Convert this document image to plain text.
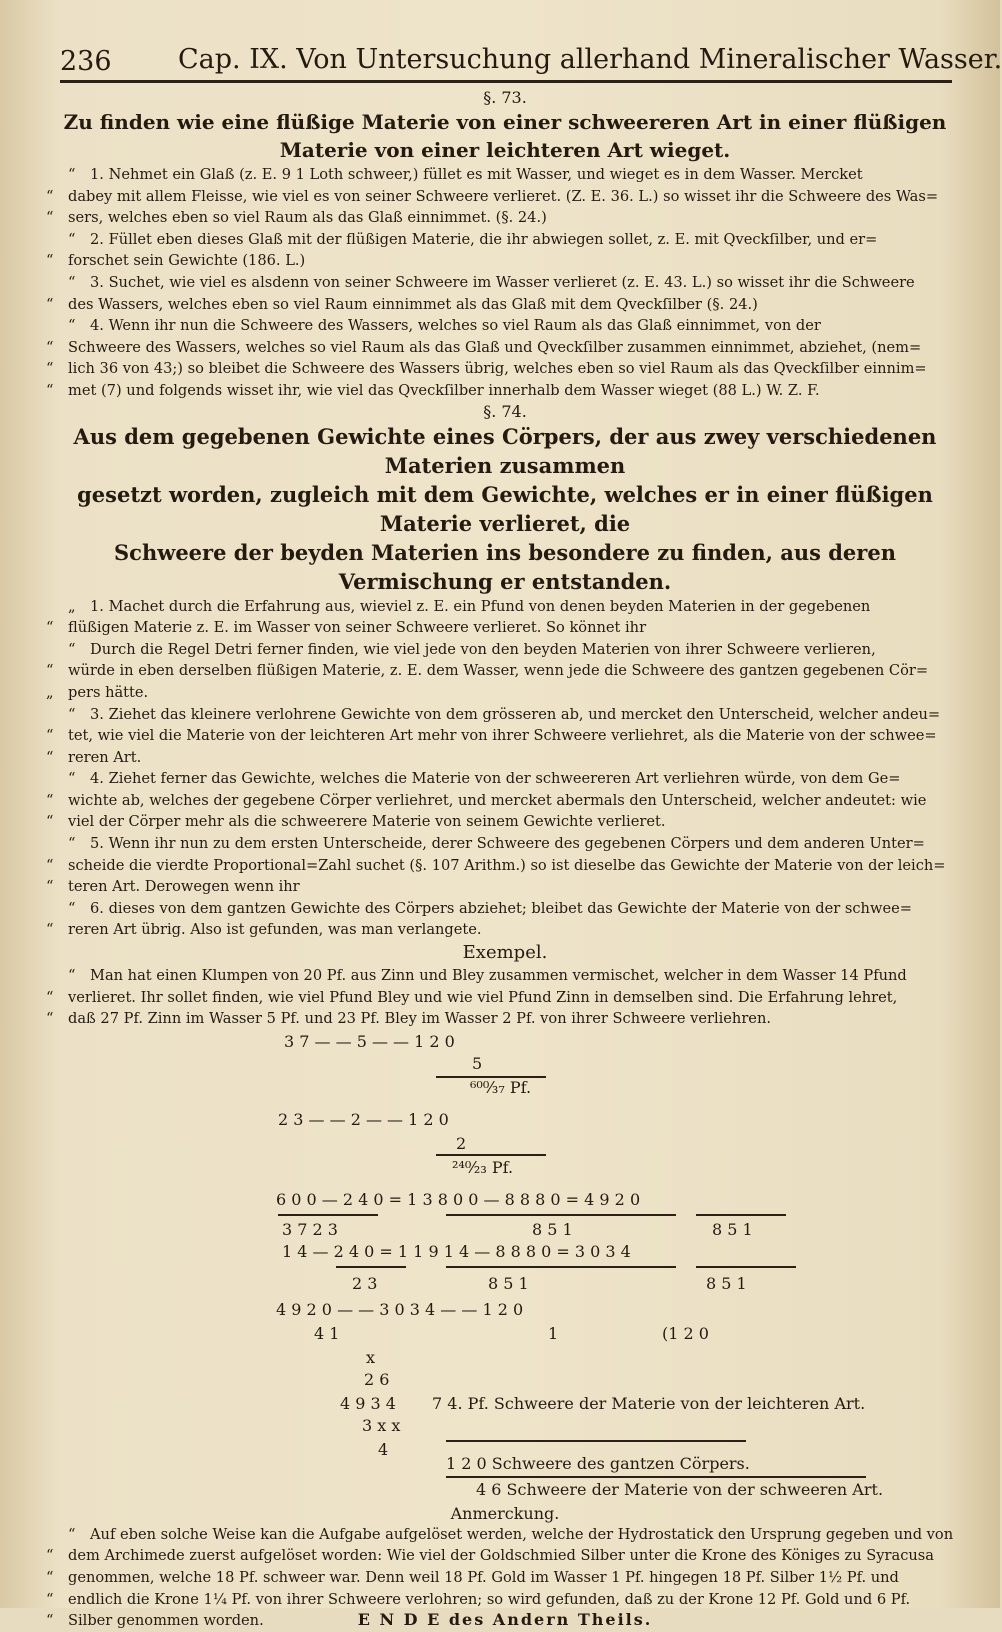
236 Cap. IX. Von Untersuchung allerhand Mineralischer Wasser.

§. 73.

Zu finden wie eine flüßige Materie von einer schweereren Art in einer flüßigen

Materie von einer leichteren Art wieget.

“ 1. Nehmet ein Glaß (z. E. 9 1 Loth schweer,) füllet es mit Wasser, und wieget es in dem Wasser. Mercket
“ dabey mit allem Fleisse, wie viel es von seiner Schweere verlieret. (Z. E. 36. L.) so wisset ihr die Schweere des Was=
“ sers, welches eben so viel Raum als das Glaß einnimmet. (§. 24.)
“ 2. Füllet eben dieses Glaß mit der flüßigen Materie, die ihr abwiegen sollet, z. E. mit Qveckſilber, und er=
“ forschet sein Gewichte (186. L.)
“ 3. Suchet, wie viel es alsdenn von seiner Schweere im Wasser verlieret (z. E. 43. L.) so wisset ihr die Schweere
“ des Wassers, welches eben so viel Raum einnimmet als das Glaß mit dem Qveckſilber (§. 24.)
“ 4. Wenn ihr nun die Schweere des Wassers, welches so viel Raum als das Glaß einnimmet, von der
“ Schweere des Wassers, welches so viel Raum als das Glaß und Qveckſilber zusammen einnimmet, abziehet, (nem=
“ lich 36 von 43;) so bleibet die Schweere des Wassers übrig, welches eben so viel Raum als das Qveckſilber einnim=
“ met (7) und folgends wisset ihr, wie viel das Qveckſilber innerhalb dem Wasser wieget (88 L.) W. Z. F.

§. 74.

Aus dem gegebenen Gewichte eines Cörpers, der aus zwey verschiedenen Materien zusammen

gesetzt worden, zugleich mit dem Gewichte, welches er in einer flüßigen Materie verlieret, die

Schweere der beyden Materien ins besondere zu finden, aus deren Vermischung er entstanden.

„ 1. Machet durch die Erfahrung aus, wieviel z. E. ein Pfund von denen beyden Materien in der gegebenen
“ flüßigen Materie z. E. im Wasser von seiner Schweere verlieret. So könnet ihr
“ Durch die Regel Detri ferner finden, wie viel jede von den beyden Materien von ihrer Schweere verlieren,
“ würde in eben derselben flüßigen Materie, z. E. dem Wasser, wenn jede die Schweere des gantzen gegebenen Cör=
„ pers hätte.
“ 3. Ziehet das kleinere verlohrene Gewichte von dem grösseren ab, und mercket den Unterscheid, welcher andeu=
“ tet, wie viel die Materie von der leichteren Art mehr von ihrer Schweere verliehret, als die Materie von der schwee=
“ reren Art.
“ 4. Ziehet ferner das Gewichte, welches die Materie von der schweereren Art verliehren würde, von dem Ge=
“ wichte ab, welches der gegebene Cörper verliehret, und mercket abermals den Unterscheid, welcher andeutet: wie
“ viel der Cörper mehr als die schweerere Materie von seinem Gewichte verlieret.
“ 5. Wenn ihr nun zu dem ersten Unterscheide, derer Schweere des gegebenen Cörpers und dem anderen Unter=
“ scheide die vierdte Proportional=Zahl suchet (§. 107 Arithm.) so ist dieselbe das Gewichte der Materie von der leich=
“ teren Art. Derowegen wenn ihr
“ 6. dieses von dem gantzen Gewichte des Cörpers abziehet; bleibet das Gewichte der Materie von der schwee=
“ reren Art übrig. Also ist gefunden, was man verlangete.

Exempel.

“ Man hat einen Klumpen von 20 Pf. aus Zinn und Bley zusammen vermischet, welcher in dem Wasser 14 Pfund
“ verlieret. Ihr sollet finden, wie viel Pfund Bley und wie viel Pfund Zinn in demselben sind. Die Erfahrung lehret,
“ daß 27 Pf. Zinn im Wasser 5 Pf. und 23 Pf. Bley im Wasser 2 Pf. von ihrer Schweere verliehren.
3 7 — — 5 — — 1 2 0
5
⁶⁰⁰⁄₃₇ Pf.
2 3 — — 2 — — 1 2 0
2
²⁴⁰⁄₂₃ Pf.
6 0 0 — 2 4 0 = 1 3 8 0 0 — 8 8 8 0 = 4 9 2 0
3 7 2 3	8 5 1	8 5 1
1 4 — 2 4 0 = 1 1 9 1 4 — 8 8 8 0 = 3 0 3 4
2 3	8 5 1	8 5 1
4 9 2 0 — — 3 0 3 4 — — 1 2 0
4 1	1	(1 2 0
x
2 6
4 9 3 4 7 4. Pf. Schweere der Materie von der leichteren Art.
3 x x
4
1 2 0 Schweere des gantzen Cörpers.
4 6 Schweere der Materie von der schweeren Art.

Anmerckung.

“ Auf eben solche Weise kan die Aufgabe aufgelöset werden, welche der Hydrostatick den Ursprung gegeben und von
“ dem Archimede zuerst aufgelöset worden: Wie viel der Goldschmied Silber unter die Krone des Königes zu Syracusa
“ genommen, welche 18 Pf. schweer war. Denn weil 18 Pf. Gold im Wasser 1 Pf. hingegen 18 Pf. Silber 1½ Pf. und
“ endlich die Krone 1¼ Pf. von ihrer Schweere verlohren; so wird gefunden, daß zu der Krone 12 Pf. Gold und 6 Pf.
“ Silber genommen worden.	E N D E des Andern Theils.
